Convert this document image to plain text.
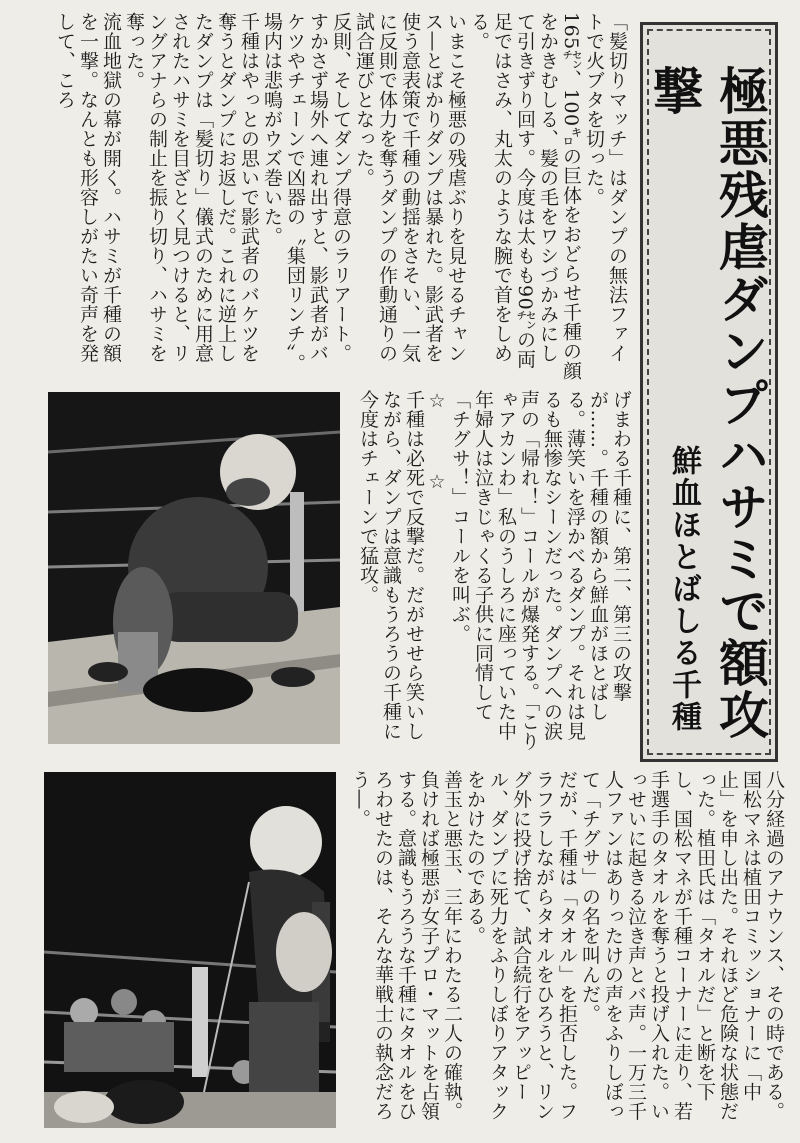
極悪残虐ダンプハサミで額攻撃
鮮血ほとばしる千種

「髪切りマッチ」はダンプの無法ファイトで火ブタを切った。

165㌢、100㌔の巨体をおどらせ千種の顔をかきむしる、髪の毛をワシづかみにして引きずり回す。今度は太もも90㌢の両足ではさみ、丸太のような腕で首をしめる。

いまこそ極悪の残虐ぶりを見せるチャンス―とばかりダンプは暴れた。影武者を使う意表策で千種の動揺をさそい、一気に反則で体力を奪うダンプの作動通りの試合運びとなった。

反則、そしてダンプ得意のラリアート。すかさず場外へ連れ出すと、影武者がバケツやチェーンで凶器の〝集団リンチ〟。場内は悲鳴がウズ巻いた。

千種はやっとの思いで影武者のバケツを奪うとダンプにお返しだ。これに逆上したダンプは「髪切り」儀式のために用意されたハサミを目ざとく見つけると、リングアナらの制止を振り切り、ハサミを奪った。

流血地獄の幕が開く。ハサミが千種の額を一撃。なんとも形容しがたい奇声を発して、ころ

げまわる千種に、第二、第三の攻撃が……。千種の額から鮮血がほとばしる。薄笑いを浮かべるダンプ。それは見るも無惨なシーンだった。ダンプへの涙声の「帰れ！」コールが爆発する。「こりゃアカンわ」私のうしろに座っていた中年婦人は泣きじゃくる子供に同情して「チグサ！」コールを叫ぶ。

☆　　　☆

千種は必死で反撃だ。だがせせら笑いしながら、ダンプは意識もうろうの千種に今度はチェーンで猛攻。

八分経過のアナウンス、その時である。国松マネは植田コミッショナーに「中止」を申し出た。それほど危険な状態だった。植田氏は「タオルだ」と断を下し、国松マネが千種コーナーに走り、若手選手のタオルを奪うと投げ入れた。いっせいに起きる泣き声とバ声。一万三千人ファンはありったけの声をふりしぼって「チグサ」の名を叫んだ。

だが、千種は「タオル」を拒否した。フラフラしながらタオルをひろうと、リング外に投げ捨て、試合続行をアッピール、ダンプに死力をふりしぼりアタックをかけたのである。

善玉と悪玉、三年にわたる二人の確執。負ければ極悪が女子プロ・マットを占領する。意識もうろうな千種にタオルをひろわせたのは、そんな華戦士の執念だろう―。
